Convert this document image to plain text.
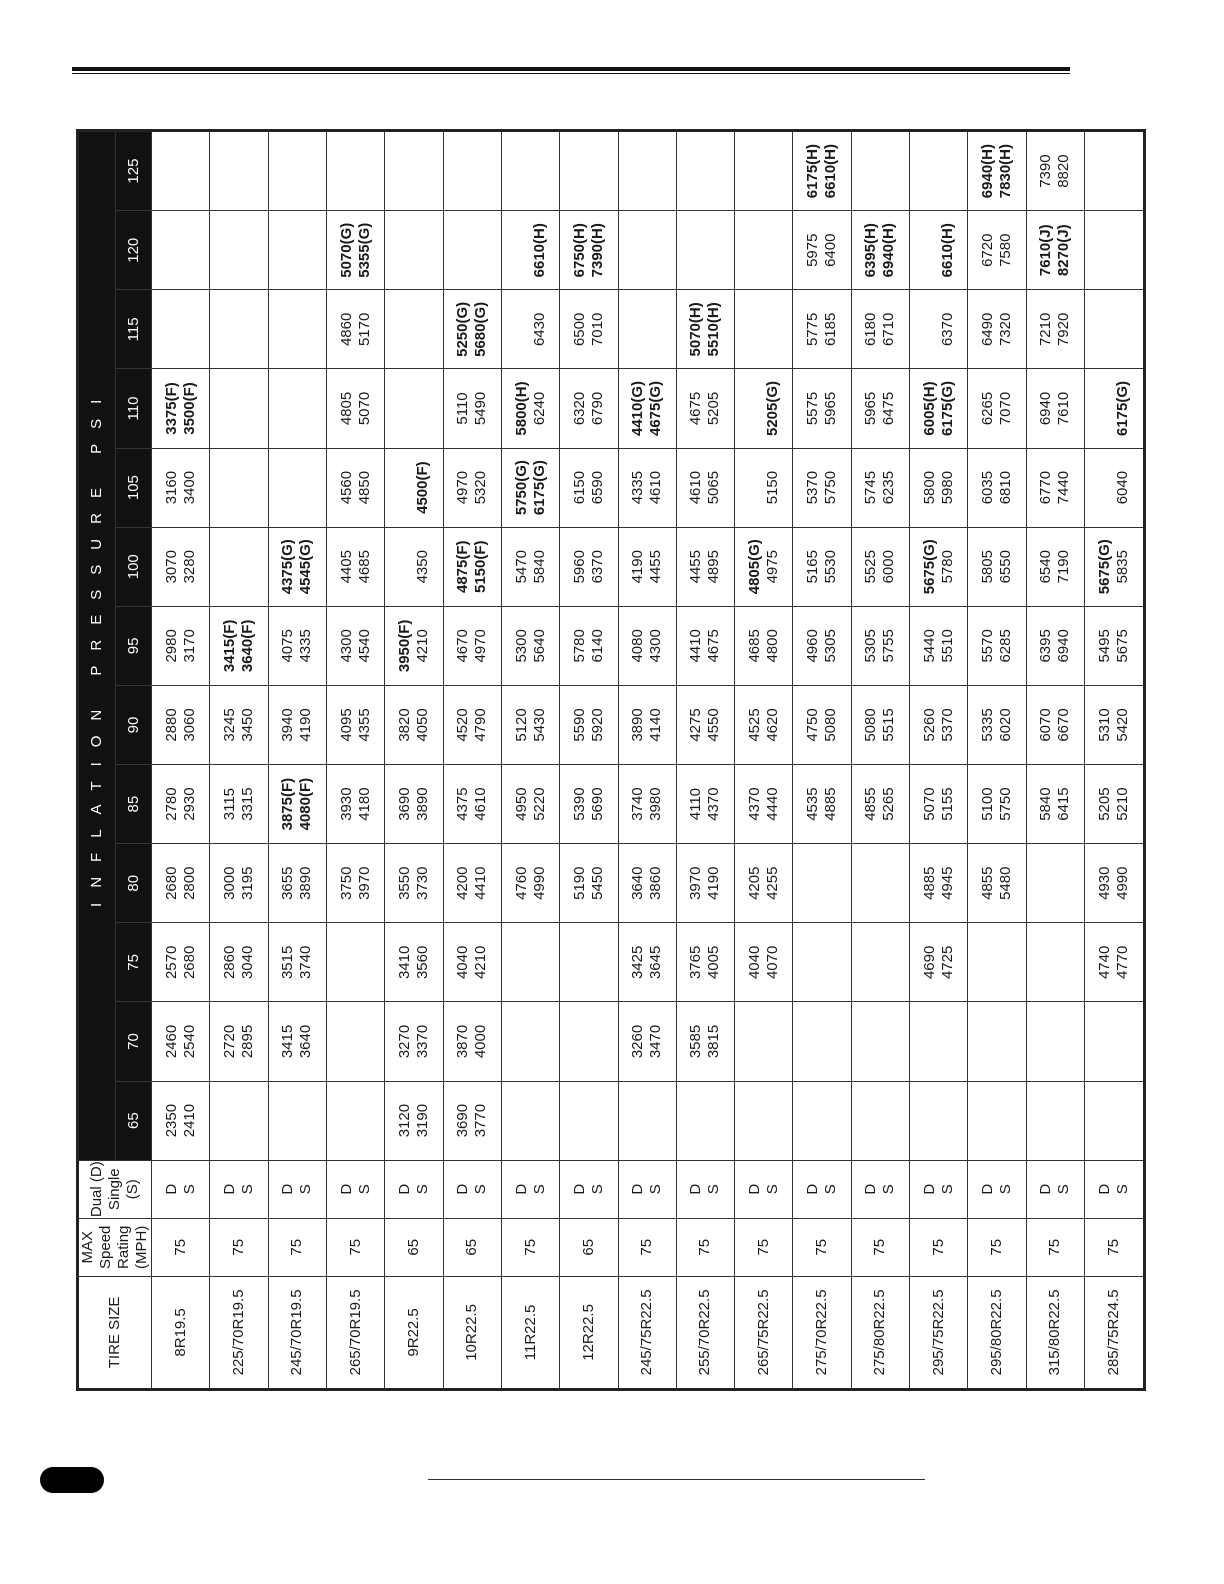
TIRE SIZE	MAX Speed Rating (MPH)	Dual (D) Single (S)	INFLATION PRESSURE PSI												
			65	70	75	80	85	90	95	100	105	110	115	120	125
8R19.5	75	D S	2350 2410	2460 2540	2570 2680	2680 2800	2780 2930	2880 3060	2980 3170	3070 3280	3160 3400	3375(F) 3500(F)			

225/70R19.5	75	D S		2720 2895	2860 3040	3000 3195	3115 3315	3245 3450	3415(F) 3640(F)						

245/70R19.5	75	D S		3415 3640	3515 3740	3655 3890	3875(F) 4080(F)	3940 4190	4075 4335	4375(G) 4545(G)					

265/70R19.5	75	D S				3750 3970	3930 4180	4095 4355	4300 4540	4405 4685	4560 4850	4805 5070	4860 5170	5070(G) 5355(G)	

9R22.5	65	D S	3120 3190	3270 3370	3410 3560	3550 3730	3690 3890	3820 4050	3950(F) 4210	4350	4500(F)				

10R22.5	65	D S	3690 3770	3870 4000	4040 4210	4200 4410	4375 4610	4520 4790	4670 4970	4875(F) 5150(F)	4970 5320	5110 5490	5250(G) 5680(G)		

11R22.5	75	D S				4760 4990	4950 5220	5120 5430	5300 5640	5470 5840	5750(G) 6175(G)	5800(H) 6240	6430	6610(H)	

12R22.5	65	D S				5190 5450	5390 5690	5590 5920	5780 6140	5960 6370	6150 6590	6320 6790	6500 7010	6750(H) 7390(H)	

245/75R22.5	75	D S		3260 3470	3425 3645	3640 3860	3740 3980	3890 4140	4080 4300	4190 4455	4335 4610	4410(G) 4675(G)			

255/70R22.5	75	D S		3585 3815	3765 4005	3970 4190	4110 4370	4275 4550	4410 4675	4455 4895	4610 5065	4675 5205	5070(H) 5510(H)		

265/75R22.5	75	D S			4040 4070	4205 4255	4370 4440	4525 4620	4685 4800	4805(G) 4975	5150	5205(G)			

275/70R22.5	75	D S					4535 4885	4750 5080	4960 5305	5165 5530	5370 5750	5575 5965	5775 6185	5975 6400	6175(H) 6610(H)

275/80R22.5	75	D S					4855 5265	5080 5515	5305 5755	5525 6000	5745 6235	5965 6475	6180 6710	6395(H) 6940(H)	

295/75R22.5	75	D S			4690 4725	4885 4945	5070 5155	5260 5370	5440 5510	5675(G) 5780	5800 5980	6005(H) 6175(G)	6370	6610(H)	

295/80R22.5	75	D S				4855 5480	5100 5750	5335 6020	5570 6285	5805 6550	6035 6810	6265 7070	6490 7320	6720 7580	6940(H) 7830(H)

315/80R22.5	75	D S					5840 6415	6070 6670	6395 6940	6540 7190	6770 7440	6940 7610	7210 7920	7610(J) 8270(J)	7390 8820

285/75R24.5	75	D S			4740 4770	4930 4990	5205 5210	5310 5420	5495 5675	5675(G) 5835	6040	6175(G)			
